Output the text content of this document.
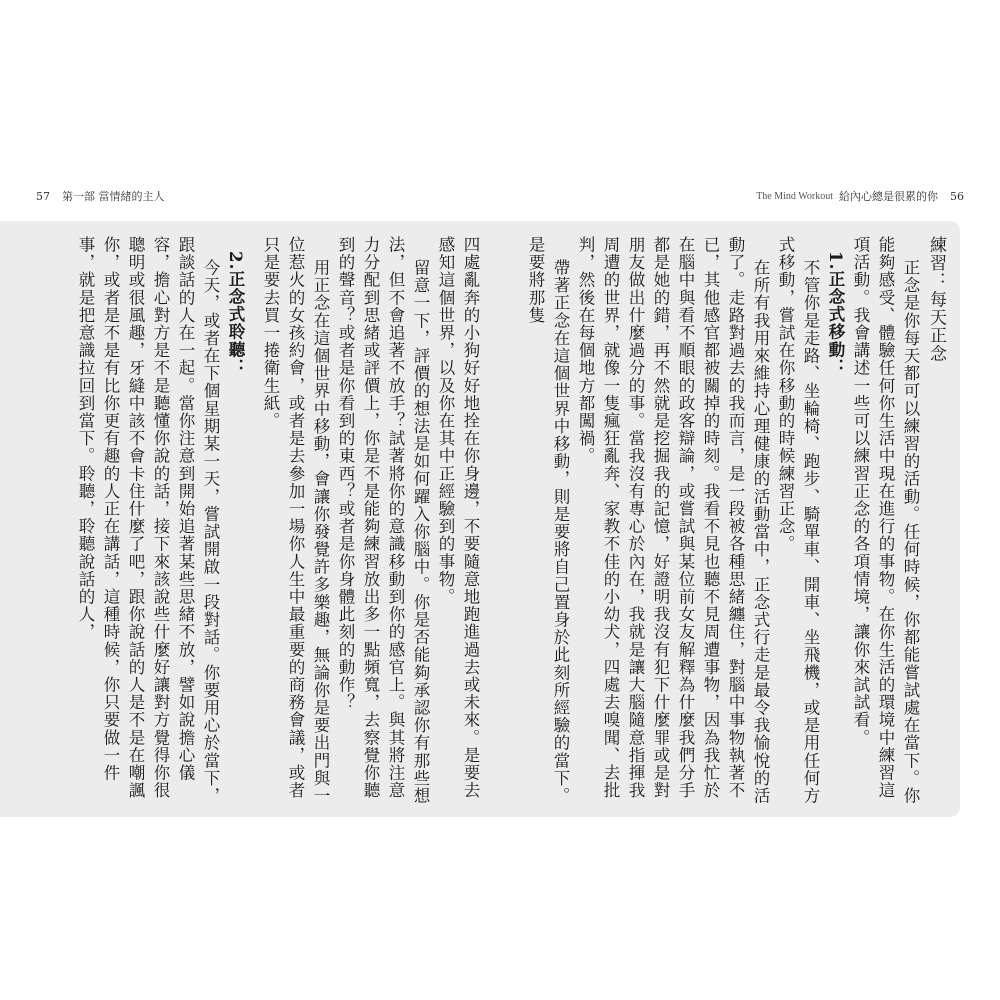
57 第一部 當情緒的主人	The Mind Workout 給內心總是很累的你 56

練習：每天正念

正念是你每天都可以練習的活動。任何時候，你都能嘗試處在當下。你能夠感受、體驗任何你生活中現在進行的事物。在你生活的環境中練習這項活動。我會講述一些可以練習正念的各項情境，讓你來試試看。

1.正念式移動：

不管你是走路、坐輪椅、跑步、騎單車、開車、坐飛機，或是用任何方式移動，嘗試在你移動的時候練習正念。

在所有我用來維持心理健康的活動當中，正念式行走是最令我愉悅的活動了。走路對過去的我而言，是一段被各種思緒纏住，對腦中事物執著不已，其他感官都被關掉的時刻。我看不見也聽不見周遭事物，因為我忙於在腦中與看不順眼的政客辯論，或嘗試與某位前女友解釋為什麼我們分手都是她的錯，再不然就是挖掘我的記憶，好證明我沒有犯下什麼罪或是對朋友做出什麼過分的事。當我沒有專心於內在，我就是讓大腦隨意指揮我周遭的世界，就像一隻瘋狂亂奔、家教不佳的小幼犬，四處去嗅聞、去批判，然後在每個地方都闖禍。

帶著正念在這個世界中移動，則是要將自己置身於此刻所經驗的當下。是要將那隻

四處亂奔的小狗好好地拴在你身邊，不要隨意地跑進過去或未來。是要去感知這個世界，以及你在其中正經驗到的事物。

留意一下，評價的想法是如何躍入你腦中。你是否能夠承認你有那些想法，但不會追著不放手？試著將你的意識移動到你的感官上。與其將注意力分配到思緒或評價上，你是不是能夠練習放出多一點頻寬，去察覺你聽到的聲音？或者是你看到的東西？或者是你身體此刻的動作？

用正念在這個世界中移動，會讓你發覺許多樂趣，無論你是要出門與一位惹火的女孩約會，或者是去參加一場你人生中最重要的商務會議，或者只是要去買一捲衛生紙。

2.正念式聆聽：

今天，或者在下個星期某一天，嘗試開啟一段對話。你要用心於當下，跟談話的人在一起。當你注意到開始追著某些思緒不放，譬如說擔心儀容，擔心對方是不是聽懂你說的話，接下來該說些什麼好讓對方覺得你很聰明或很風趣，牙縫中該不會卡住什麼了吧，跟你說話的人是不是在嘲諷你，或者是不是有比你更有趣的人正在講話，這種時候，你只要做一件事，就是把意識拉回到當下。聆聽，聆聽說話的人，
